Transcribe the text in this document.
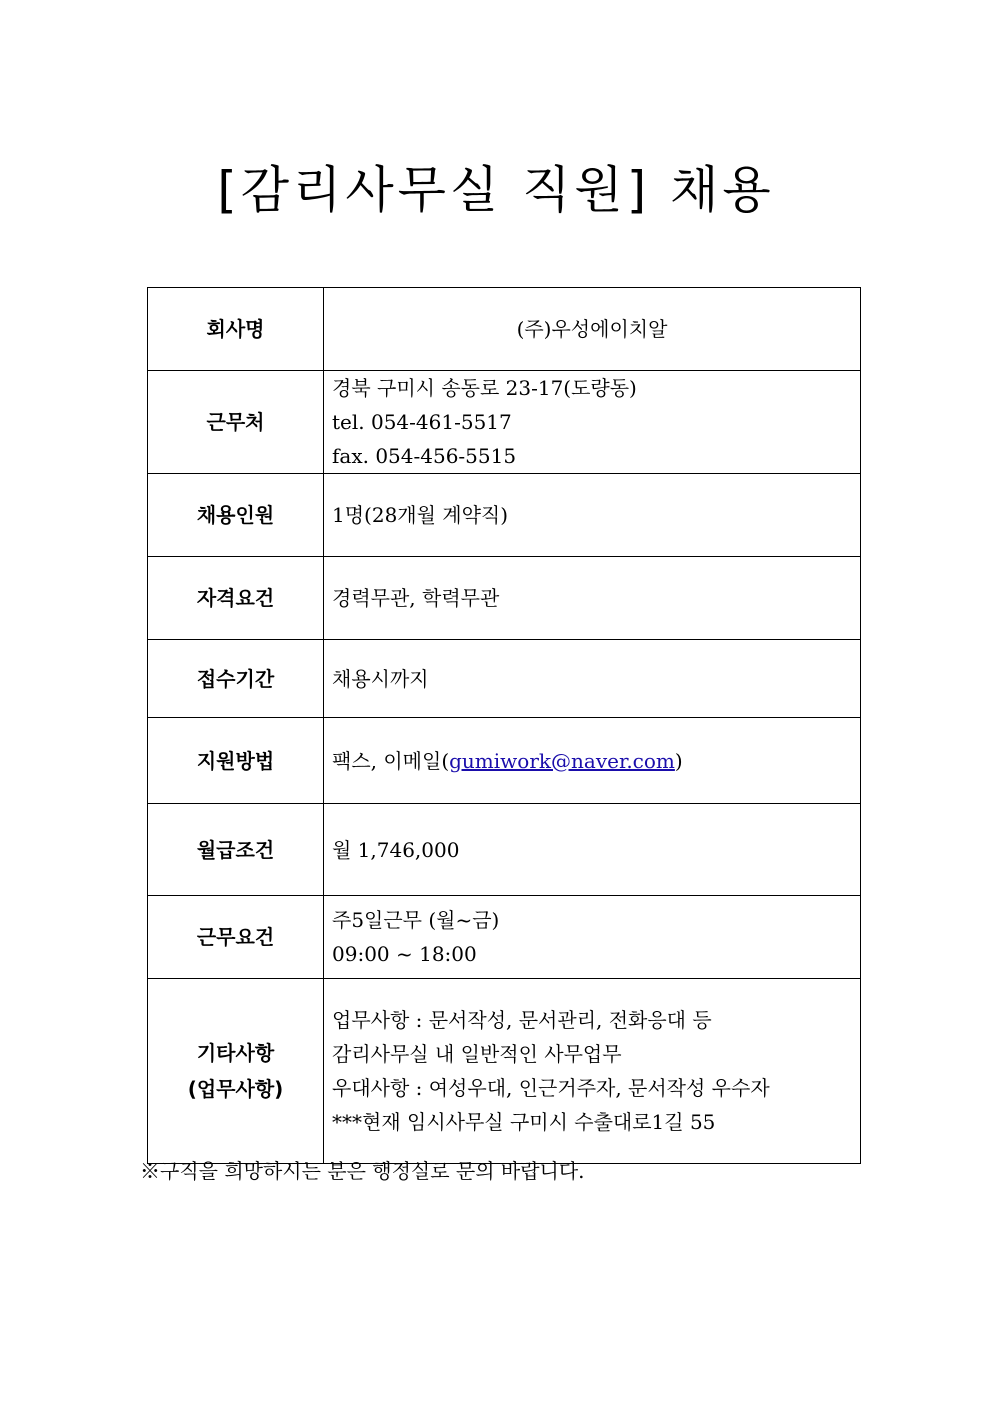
[감리사무실 직원] 채용
회사명	(주)우성에이치알

근무처	경북 구미시 송동로 23-17(도량동)
tel. 054-461-5517
fax. 054-456-5515

채용인원	1명(28개월 계약직)

자격요건	경력무관, 학력무관

접수기간	채용시까지

지원방법	팩스, 이메일(gumiwork@naver.com)

월급조건	월 1,746,000

근무요건	주5일근무 (월~금)
09:00 ~ 18:00

기타사항
(업무사항)	업무사항 : 문서작성, 문서관리, 전화응대 등
감리사무실 내 일반적인 사무업무
우대사항 : 여성우대, 인근거주자, 문서작성 우수자
***현재 임시사무실 구미시 수출대로1길 55
※구직을 희망하시는 분은 행정실로 문의 바랍니다.
